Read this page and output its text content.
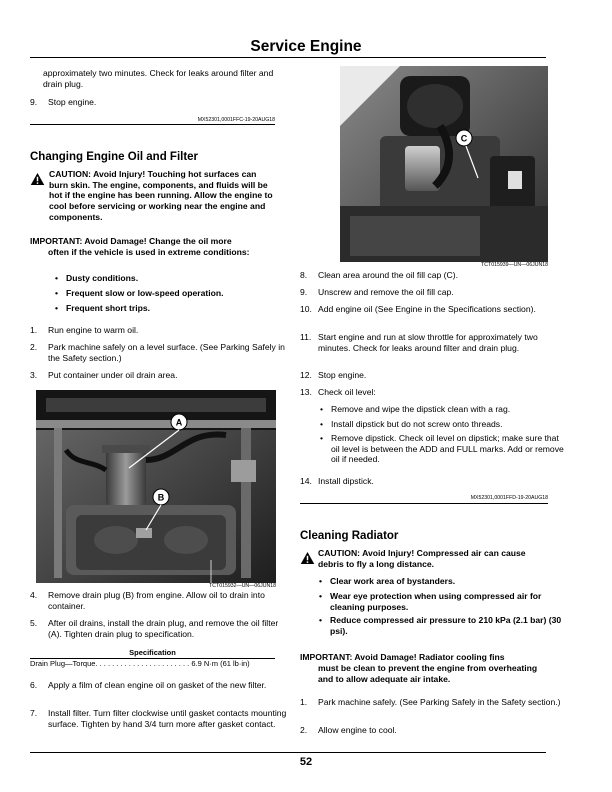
Service Engine
approximately two minutes. Check for leaks around filter and drain plug.
9. Stop engine.
MX52301,0001FFC-19-20AUG18
Changing Engine Oil and Filter
CAUTION: Avoid Injury! Touching hot surfaces can burn skin. The engine, components, and fluids will be hot if the engine has been running. Allow the engine to cool before servicing or working near the engine and components.
IMPORTANT: Avoid Damage! Change the oil more
often if the vehicle is used in extreme conditions:
• Dusty conditions.
• Frequent slow or low-speed operation.
• Frequent short trips.
1. Run engine to warm oil.
2. Park machine safely on a level surface. (See Parking Safely in the Safety section.)
3. Put container under oil drain area.
A
B
TCT015932—UN—06JUN18
4. Remove drain plug (B) from engine. Allow oil to drain into container.
5. After oil drains, install the drain plug, and remove the oil filter (A). Tighten drain plug to specification.
Specification
Drain Plug—Torque. . . . . . . . . . . . . . . . . . . . . . . 6.9 N·m (61 lb·in)
6. Apply a film of clean engine oil on gasket of the new filter.
7. Install filter. Turn filter clockwise until gasket contacts mounting surface. Tighten by hand 3/4 turn more after gasket contact.
C
TCT015939—UN—06JUN18
8. Clean area around the oil fill cap (C).
9. Unscrew and remove the oil fill cap.
10. Add engine oil (See Engine in the Specifications section).
11. Start engine and run at slow throttle for approximately two minutes. Check for leaks around filter and drain plug.
12. Stop engine.
13. Check oil level:
• Remove and wipe the dipstick clean with a rag.
• Install dipstick but do not screw onto threads.
• Remove dipstick. Check oil level on dipstick; make sure that oil level is between the ADD and FULL marks. Add or remove oil if needed.
14. Install dipstick.
MX52301,0001FFD-19-20AUG18
Cleaning Radiator
CAUTION: Avoid Injury! Compressed air can cause debris to fly a long distance.
• Clear work area of bystanders.
• Wear eye protection when using compressed air for cleaning purposes.
• Reduce compressed air pressure to 210 kPa (2.1 bar) (30 psi).
IMPORTANT: Avoid Damage! Radiator cooling fins
must be clean to prevent the engine from overheating and to allow adequate air intake.
1. Park machine safely. (See Parking Safely in the Safety section.)
2. Allow engine to cool.
52
